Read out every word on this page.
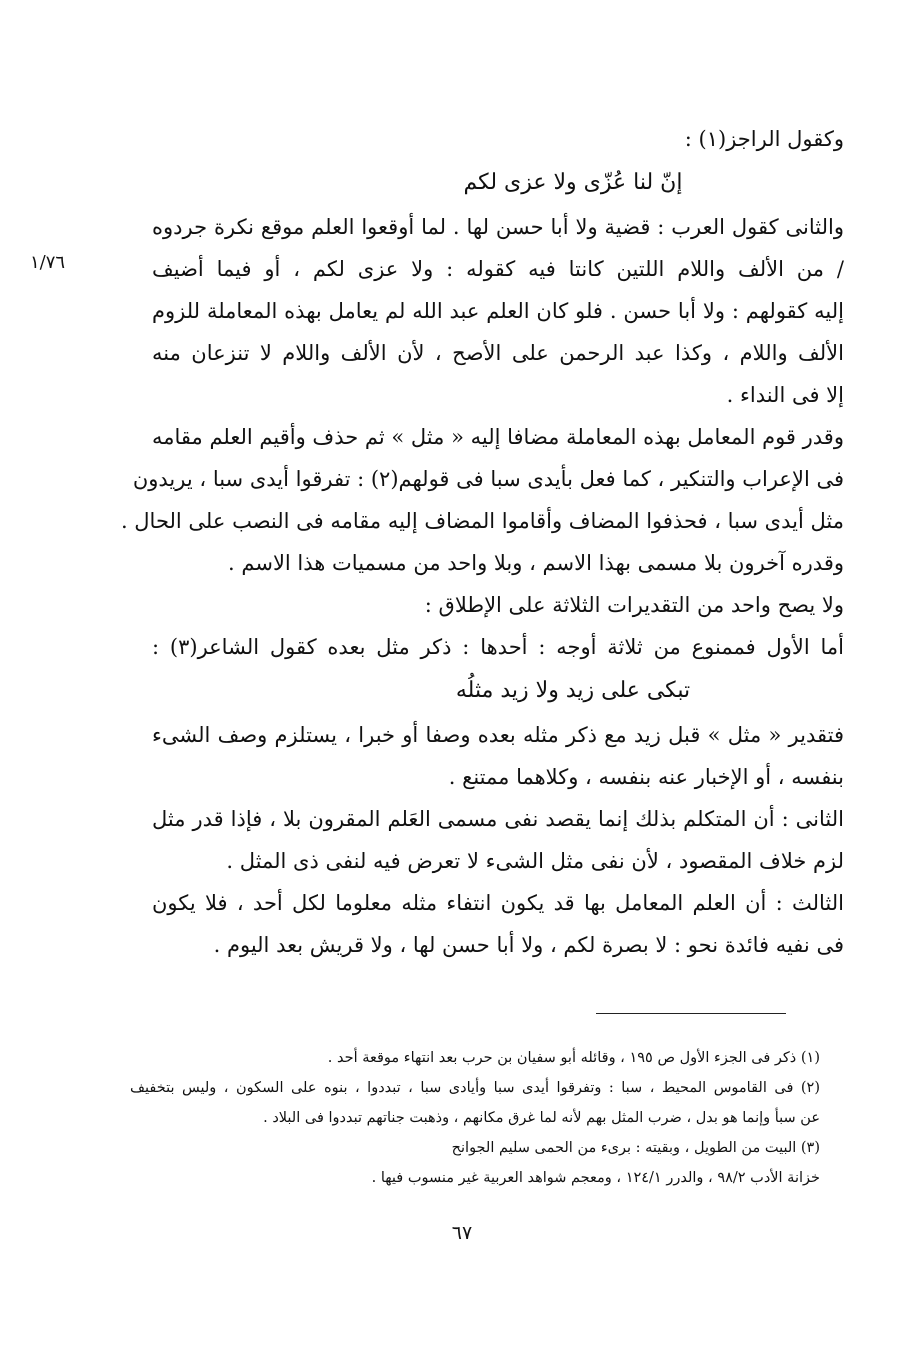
وكقول الراجز(١) :
إنّ لنا عُزّى ولا عزى لكم
والثانى كقول العرب : قضية ولا أبا حسن لها . لما أوقعوا العلم موقع نكرة جردوه
/ من الألف واللام اللتين كانتا فيه كقوله : ولا عزى لكم ، أو فيما أضيف
إليه كقولهم : ولا أبا حسن . فلو كان العلم عبد الله لم يعامل بهذه المعاملة للزوم
الألف واللام ، وكذا عبد الرحمن على الأصح ، لأن الألف واللام لا تنزعان منه
إلا فى النداء .
وقدر قوم المعامل بهذه المعاملة مضافا إليه « مثل » ثم حذف وأقيم العلم مقامه
فى الإعراب والتنكير ، كما فعل بأيدى سبا فى قولهم(٢) : تفرقوا أيدى سبا ، يريدون
مثل أيدى سبا ، فحذفوا المضاف وأقاموا المضاف إليه مقامه فى النصب على الحال .
وقدره آخرون بلا مسمى بهذا الاسم ، وبلا واحد من مسميات هذا الاسم .
ولا يصح واحد من التقديرات الثلاثة على الإطلاق :
أما الأول فممنوع من ثلاثة أوجه : أحدها : ذكر مثل بعده كقول الشاعر(٣) :
تبكى على زيد ولا زيد مثلُه
فتقدير « مثل » قبل زيد مع ذكر مثله بعده وصفا أو خبرا ، يستلزم وصف الشىء
بنفسه ، أو الإخبار عنه بنفسه ، وكلاهما ممتنع .
الثانى : أن المتكلم بذلك إنما يقصد نفى مسمى العَلم المقرون بلا ، فإذا قدر مثل
لزم خلاف المقصود ، لأن نفى مثل الشىء لا تعرض فيه لنفى ذى المثل .
الثالث : أن العلم المعامل بها قد يكون انتفاء مثله معلوما لكل أحد ، فلا يكون
فى نفيه فائدة نحو : لا بصرة لكم ، ولا أبا حسن لها ، ولا قريش بعد اليوم .
١/٧٦
(١) ذكر فى الجزء الأول ص ١٩٥ ، وقائله أبو سفيان بن حرب بعد انتهاء موقعة أحد .
(٢) فى القاموس المحيط ، سبا : وتفرقوا أيدى سبا وأيادى سبا ، تبددوا ، بنوه على السكون ، وليس بتخفيف
عن سبأ وإنما هو بدل ، ضرب المثل بهم لأنه لما غرق مكانهم ، وذهبت جناتهم تبددوا فى البلاد .
(٣) البيت من الطويل ، وبقيته : برىء من الحمى سليم الجوانح
خزانة الأدب ٩٨/٢ ، والدرر ١٢٤/١ ، ومعجم شواهد العربية غير منسوب فيها .
٦٧
